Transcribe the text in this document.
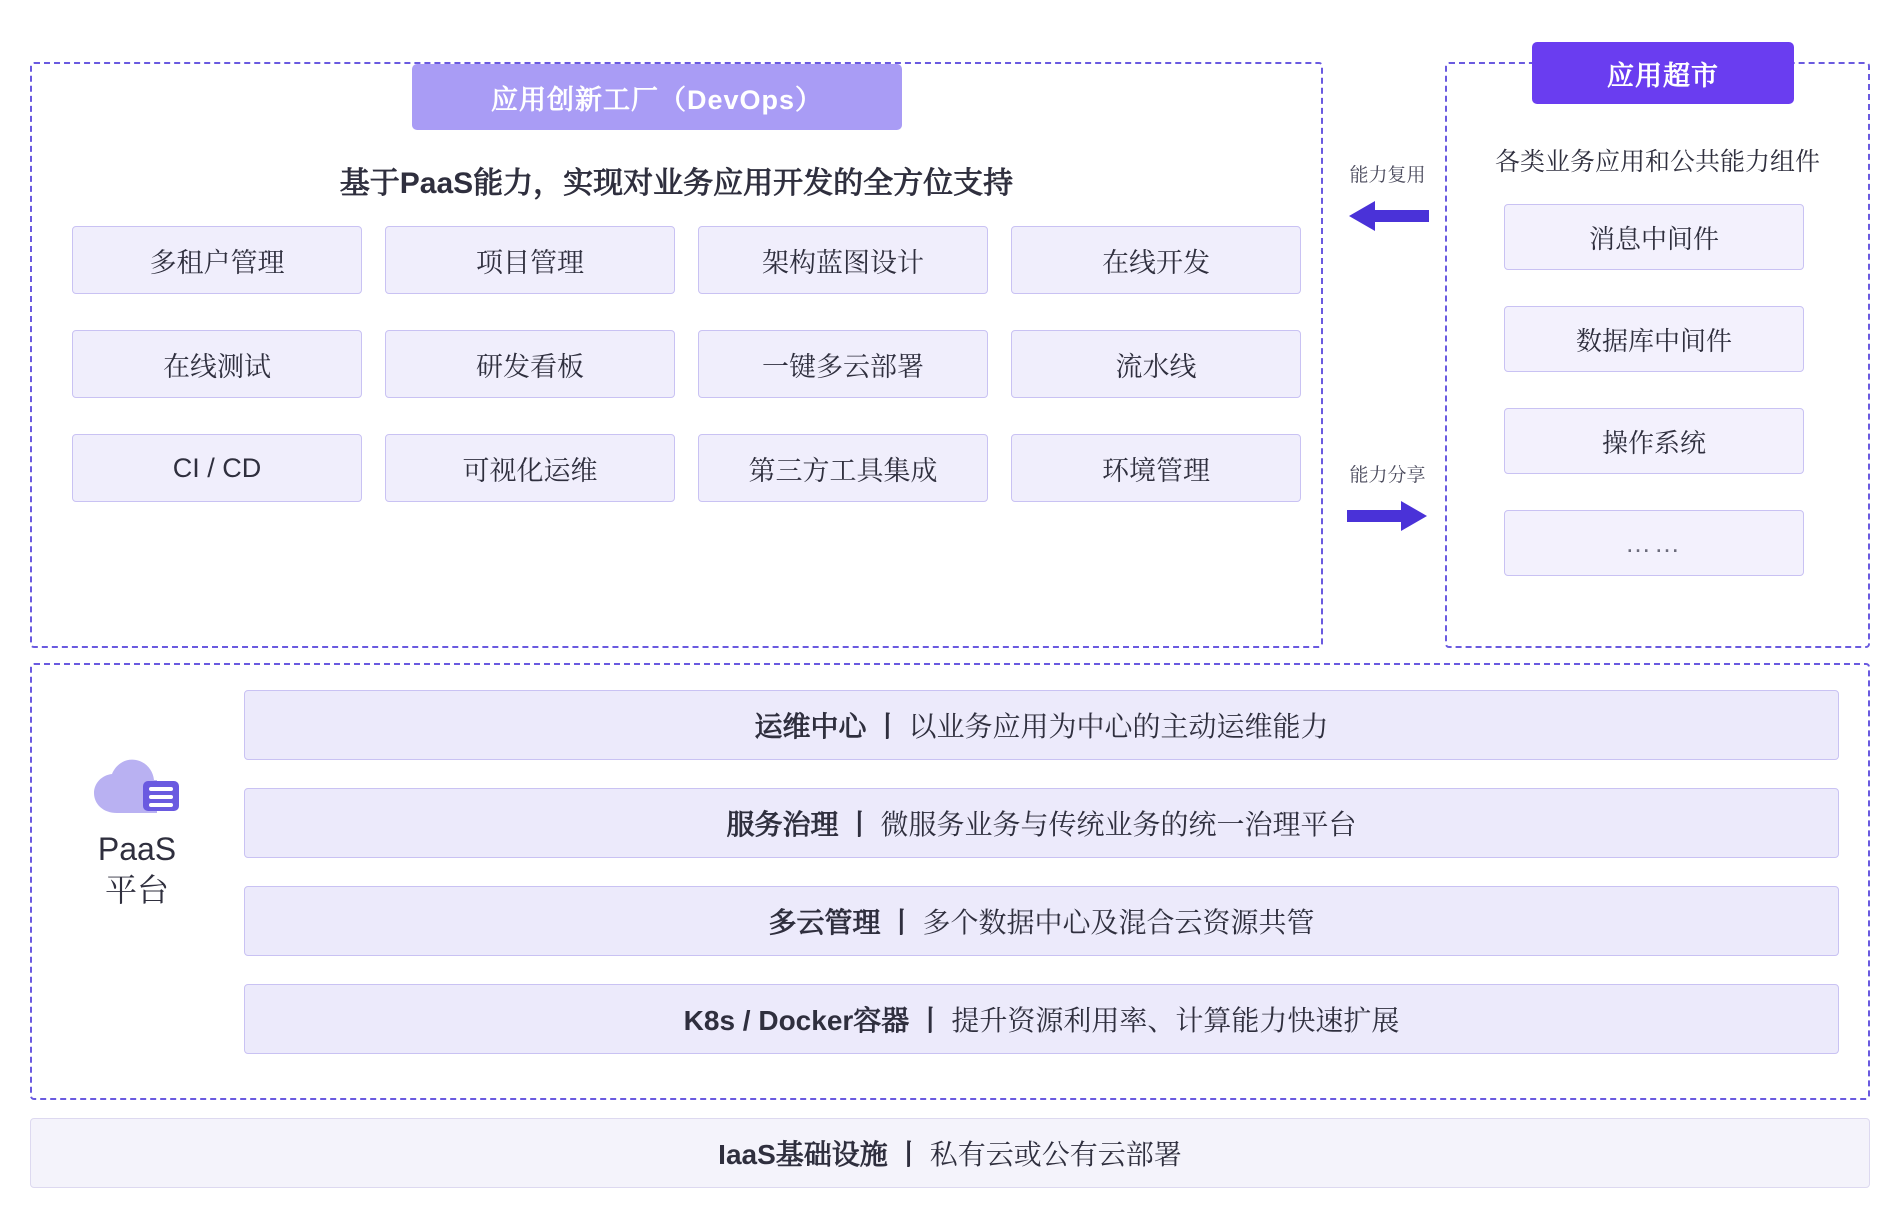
应用创新工厂（DevOps）
基于PaaS能力，实现对业务应用开发的全方位支持
多租户管理	项目管理	架构蓝图设计	在线开发
在线测试	研发看板	一键多云部署	流水线
CI / CD	可视化运维	第三方工具集成	环境管理
能力复用
能力分享
应用超市
各类业务应用和公共能力组件
消息中间件
数据库中间件
操作系统
……
PaaS
平台
运维中心 丨 以业务应用为中心的主动运维能力
服务治理 丨 微服务业务与传统业务的统一治理平台
多云管理 丨 多个数据中心及混合云资源共管
K8s / Docker容器 丨 提升资源利用率、计算能力快速扩展
IaaS基础设施 丨 私有云或公有云部署
